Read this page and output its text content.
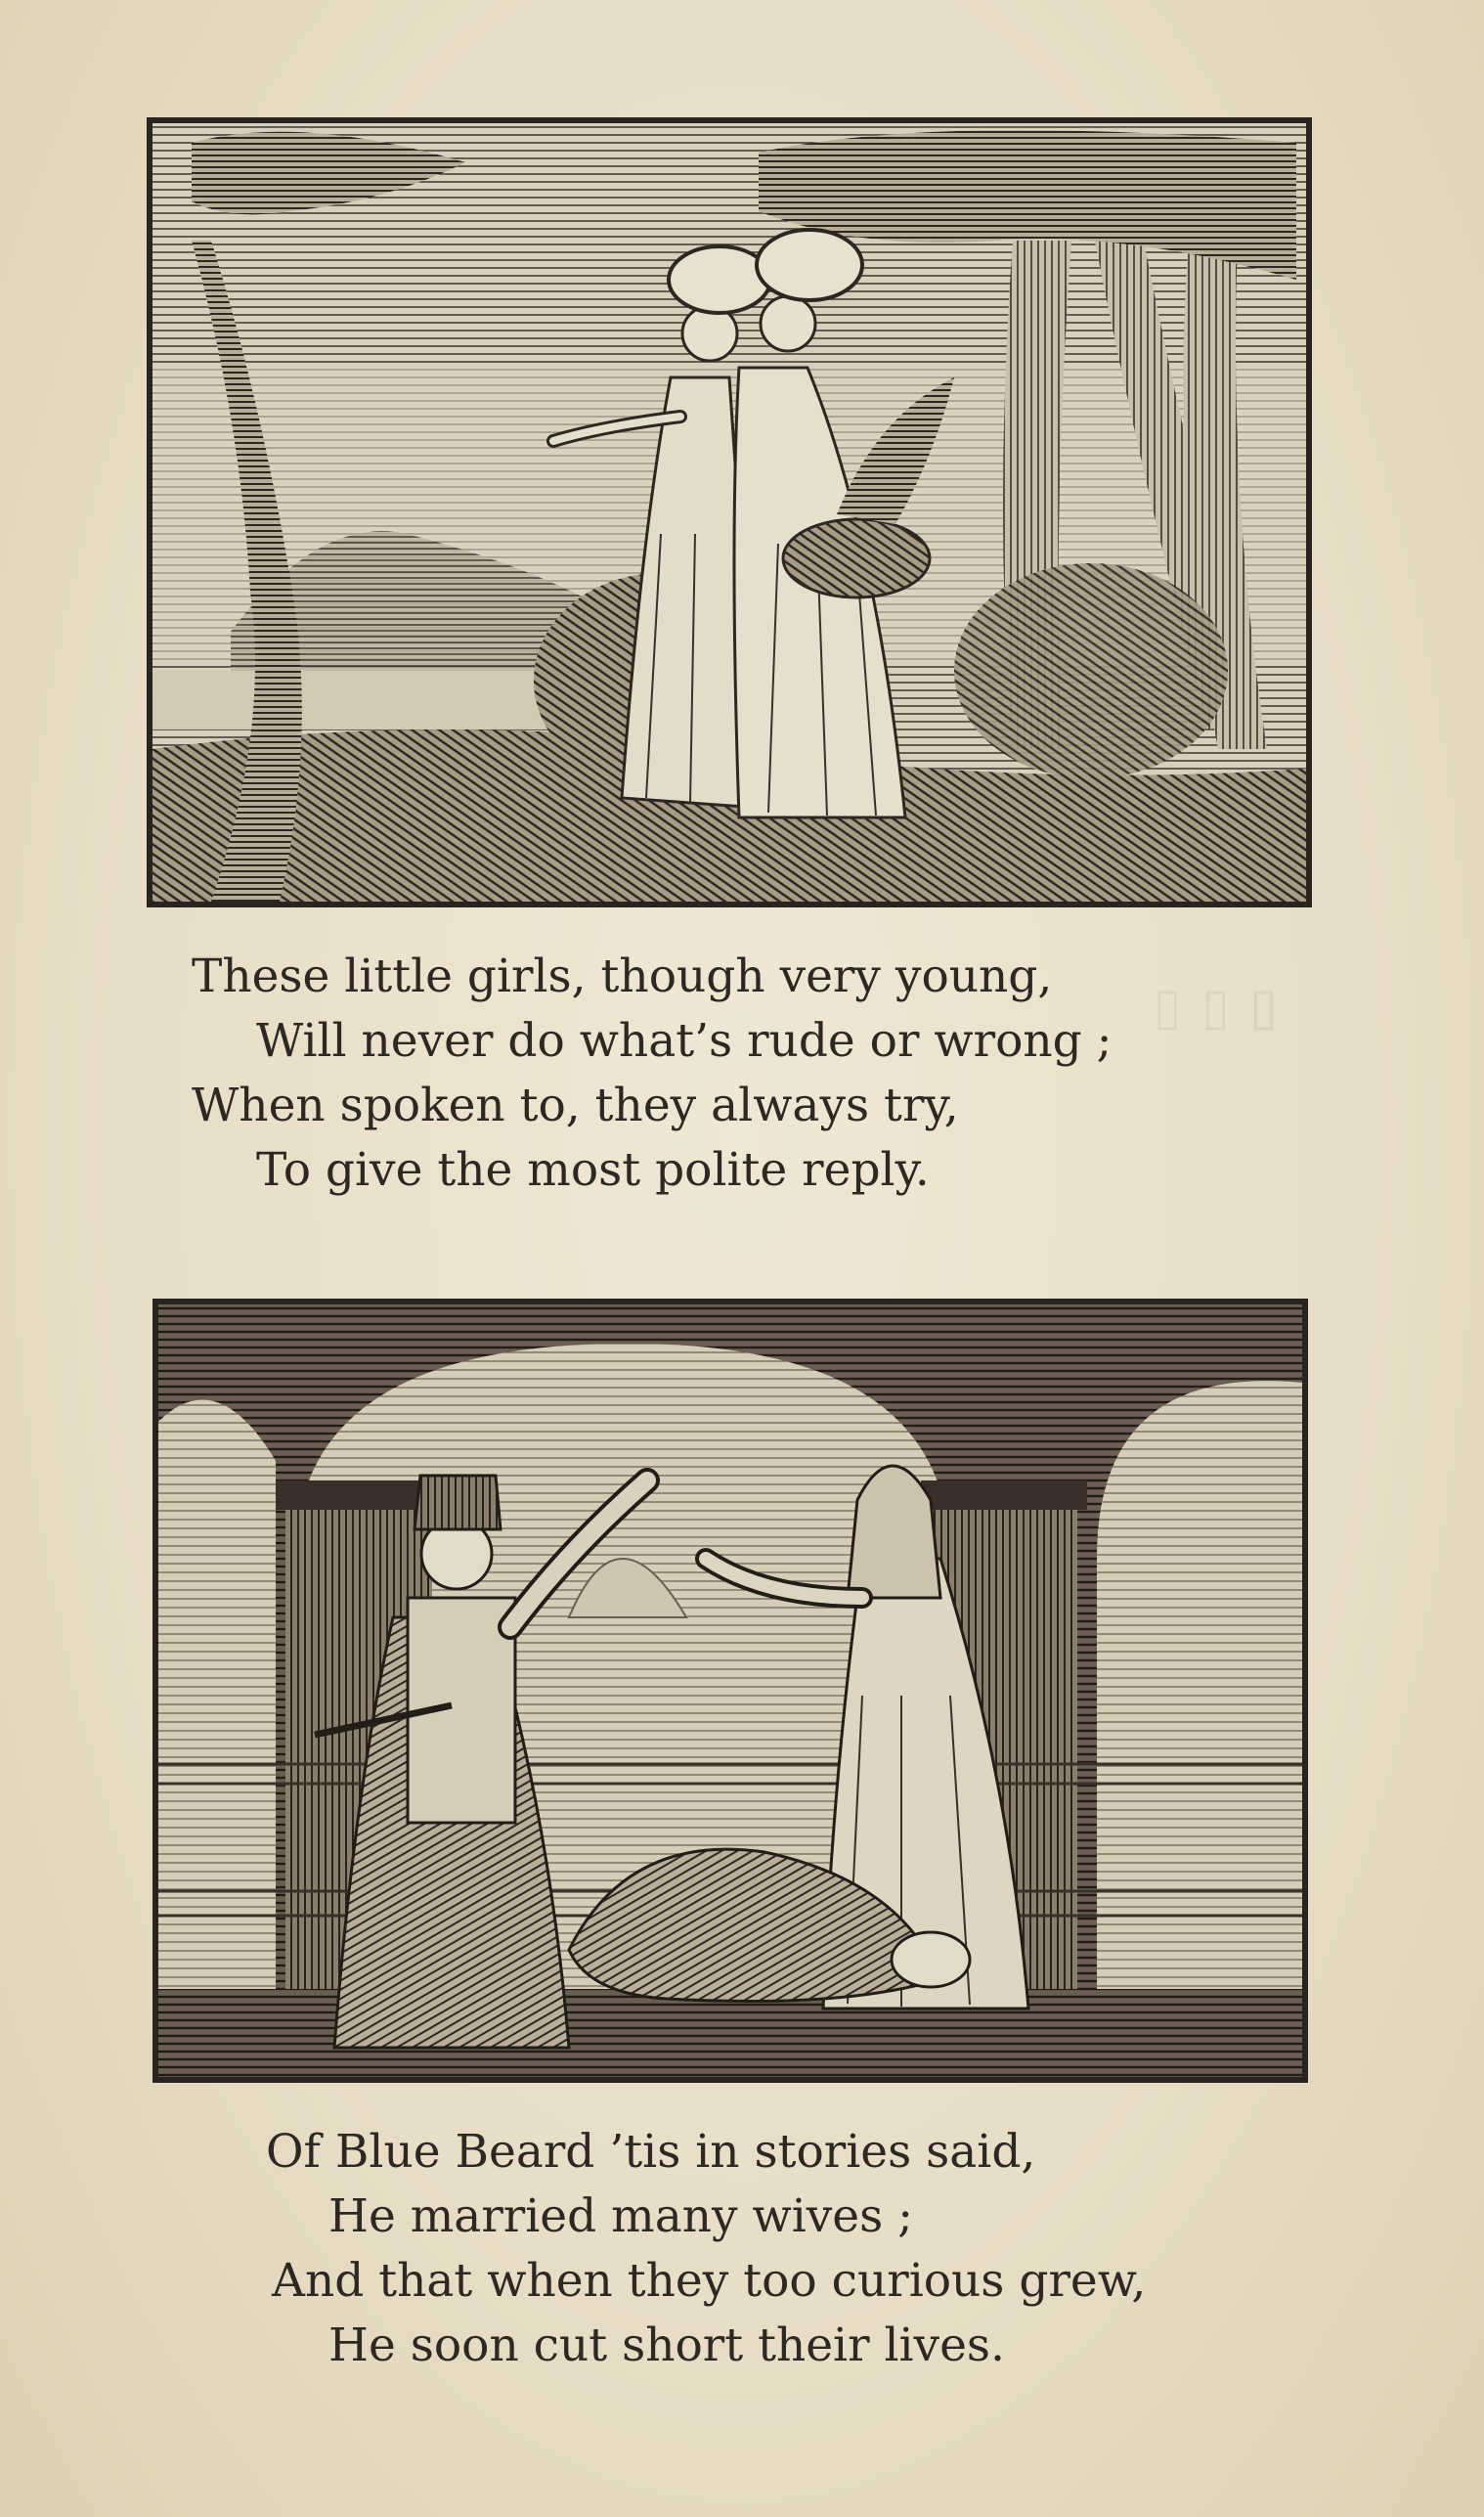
▯ ▯ ▯
These little girls, though very young,
Will never do what’s rude or wrong ;
When spoken to, they always try,
To give the most polite reply.
Of Blue Beard ’tis in stories said,
He married many wives ;
And that when they too curious grew,
He soon cut short their lives.
